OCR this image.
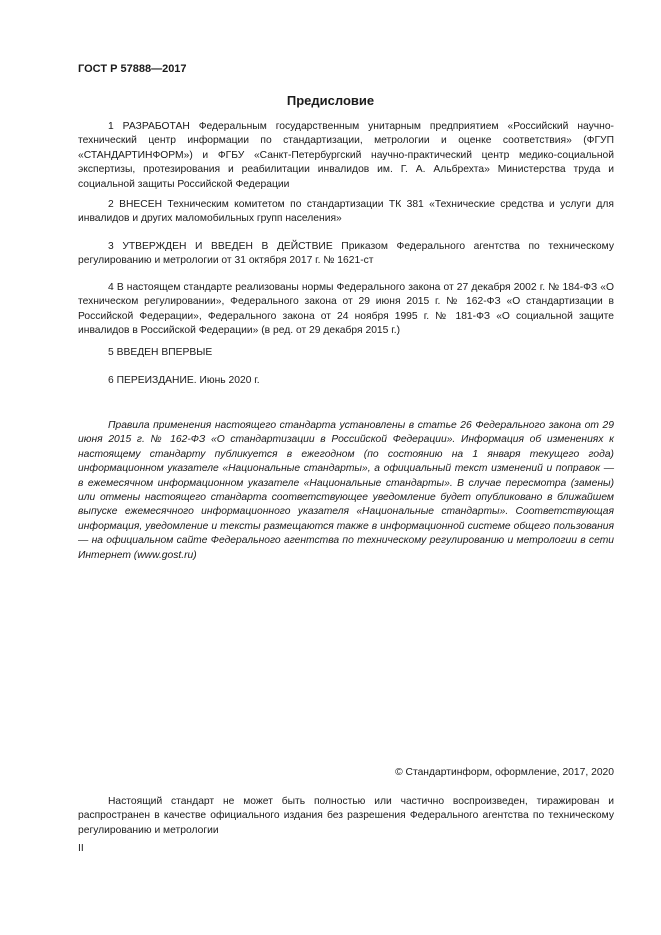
ГОСТ Р 57888—2017
Предисловие

1 РАЗРАБОТАН Федеральным государственным унитарным предприятием «Российский научно-технический центр информации по стандартизации, метрологии и оценке соответствия» (ФГУП «СТАНДАРТИНФОРМ») и ФГБУ «Санкт-Петербургский научно-практический центр медико-социальной экспертизы, протезирования и реабилитации инвалидов им. Г. А. Альбрехта» Министерства труда и социальной защиты Российской Федерации

2 ВНЕСЕН Техническим комитетом по стандартизации ТК 381 «Технические средства и услуги для инвалидов и других маломобильных групп населения»

3 УТВЕРЖДЕН И ВВЕДЕН В ДЕЙСТВИЕ Приказом Федерального агентства по техническому регулированию и метрологии от 31 октября 2017 г. № 1621-ст

4 В настоящем стандарте реализованы нормы Федерального закона от 27 декабря 2002 г. № 184-ФЗ «О техническом регулировании», Федерального закона от 29 июня 2015 г. № 162-ФЗ «О стандартизации в Российской Федерации», Федерального закона от 24 ноября 1995 г. № 181-ФЗ «О социальной защите инвалидов в Российской Федерации» (в ред. от 29 декабря 2015 г.)

5 ВВЕДЕН ВПЕРВЫЕ

6 ПЕРЕИЗДАНИЕ. Июнь 2020 г.

Правила применения настоящего стандарта установлены в статье 26 Федерального закона от 29 июня 2015 г. № 162-ФЗ «О стандартизации в Российской Федерации». Информация об изменениях к настоящему стандарту публикуется в ежегодном (по состоянию на 1 января текущего года) информационном указателе «Национальные стандарты», а официальный текст изменений и поправок — в ежемесячном информационном указателе «Национальные стандарты». В случае пересмотра (замены) или отмены настоящего стандарта соответствующее уведомление будет опубликовано в ближайшем выпуске ежемесячного информационного указателя «Национальные стандарты». Соответствующая информация, уведомление и тексты размещаются также в информационной системе общего пользования — на официальном сайте Федерального агентства по техническому регулированию и метрологии в сети Интернет (www.gost.ru)

© Стандартинформ, оформление, 2017, 2020

Настоящий стандарт не может быть полностью или частично воспроизведен, тиражирован и распространен в качестве официального издания без разрешения Федерального агентства по техническому регулированию и метрологии

II
